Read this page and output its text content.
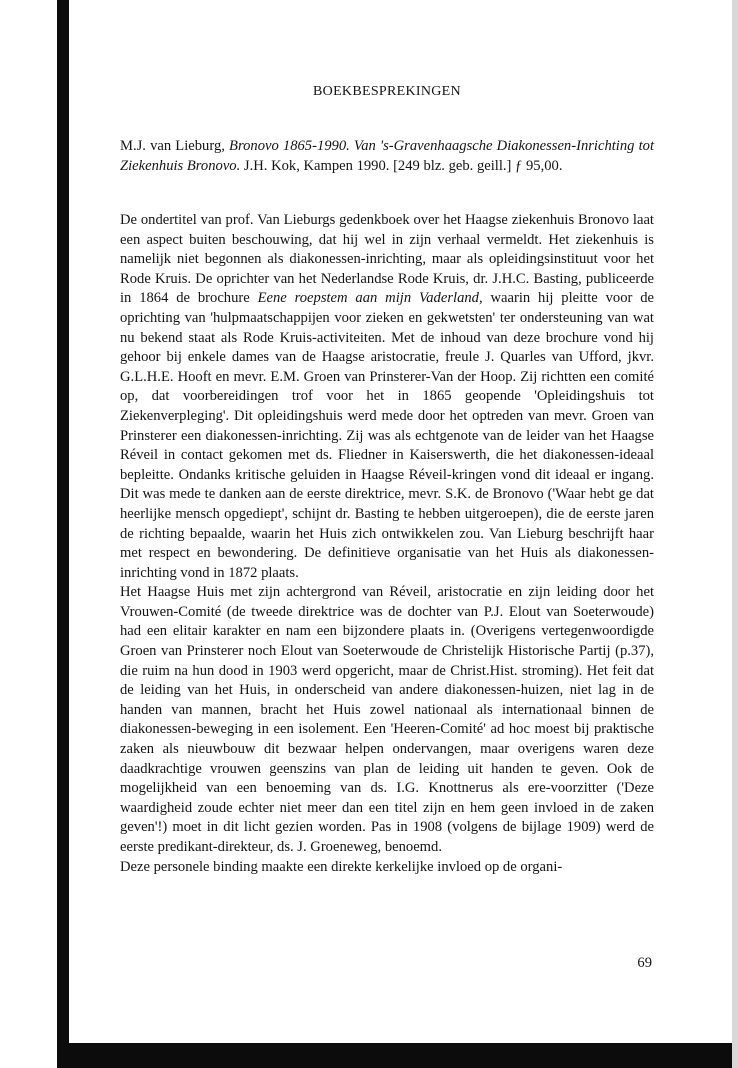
BOEKBESPREKINGEN
M.J. van Lieburg, Bronovo 1865-1990. Van 's-Gravenhaagsche Diakonessen-Inrichting tot Ziekenhuis Bronovo. J.H. Kok, Kampen 1990. [249 blz. geb. geill.] ƒ 95,00.

De ondertitel van prof. Van Lieburgs gedenkboek over het Haagse ziekenhuis Bronovo laat een aspect buiten beschouwing, dat hij wel in zijn verhaal vermeldt. Het ziekenhuis is namelijk niet begonnen als diakonessen-inrichting, maar als opleidingsinstituut voor het Rode Kruis. De oprichter van het Nederlandse Rode Kruis, dr. J.H.C. Basting, publiceerde in 1864 de brochure Eene roepstem aan mijn Vaderland, waarin hij pleitte voor de oprichting van 'hulpmaatschappijen voor zieken en gekwetsten' ter ondersteuning van wat nu bekend staat als Rode Kruis-activiteiten. Met de inhoud van deze brochure vond hij gehoor bij enkele dames van de Haagse aristocratie, freule J. Quarles van Ufford, jkvr. G.L.H.E. Hooft en mevr. E.M. Groen van Prinsterer-Van der Hoop. Zij richtten een comité op, dat voorbereidingen trof voor het in 1865 geopende 'Opleidingshuis tot Ziekenverpleging'. Dit opleidingshuis werd mede door het optreden van mevr. Groen van Prinsterer een diakonessen-inrichting. Zij was als echtgenote van de leider van het Haagse Réveil in contact gekomen met ds. Fliedner in Kaiserswerth, die het diakonessen-ideaal bepleitte. Ondanks kritische geluiden in Haagse Réveil-kringen vond dit ideaal er ingang. Dit was mede te danken aan de eerste direktrice, mevr. S.K. de Bronovo ('Waar hebt ge dat heerlijke mensch opgediept', schijnt dr. Basting te hebben uitgeroepen), die de eerste jaren de richting bepaalde, waarin het Huis zich ontwikkelen zou. Van Lieburg beschrijft haar met respect en bewondering. De definitieve organisatie van het Huis als diakonessen-inrichting vond in 1872 plaats.

Het Haagse Huis met zijn achtergrond van Réveil, aristocratie en zijn leiding door het Vrouwen-Comité (de tweede direktrice was de dochter van P.J. Elout van Soeterwoude) had een elitair karakter en nam een bijzondere plaats in. (Overigens vertegenwoordigde Groen van Prinsterer noch Elout van Soeterwoude de Christelijk Historische Partij (p.37), die ruim na hun dood in 1903 werd opgericht, maar de Christ.Hist. stroming). Het feit dat de leiding van het Huis, in onderscheid van andere diakonessen-huizen, niet lag in de handen van mannen, bracht het Huis zowel nationaal als internationaal binnen de diakonessen-beweging in een isolement. Een 'Heeren-Comité' ad hoc moest bij praktische zaken als nieuwbouw dit bezwaar helpen ondervangen, maar overigens waren deze daadkrachtige vrouwen geenszins van plan de leiding uit handen te geven. Ook de mogelijkheid van een benoeming van ds. I.G. Knottnerus als ere-voorzitter ('Deze waardigheid zoude echter niet meer dan een titel zijn en hem geen invloed in de zaken geven'!) moet in dit licht gezien worden. Pas in 1908 (volgens de bijlage 1909) werd de eerste predikant-direkteur, ds. J. Groeneweg, benoemd.

Deze personele binding maakte een direkte kerkelijke invloed op de organi-

69
